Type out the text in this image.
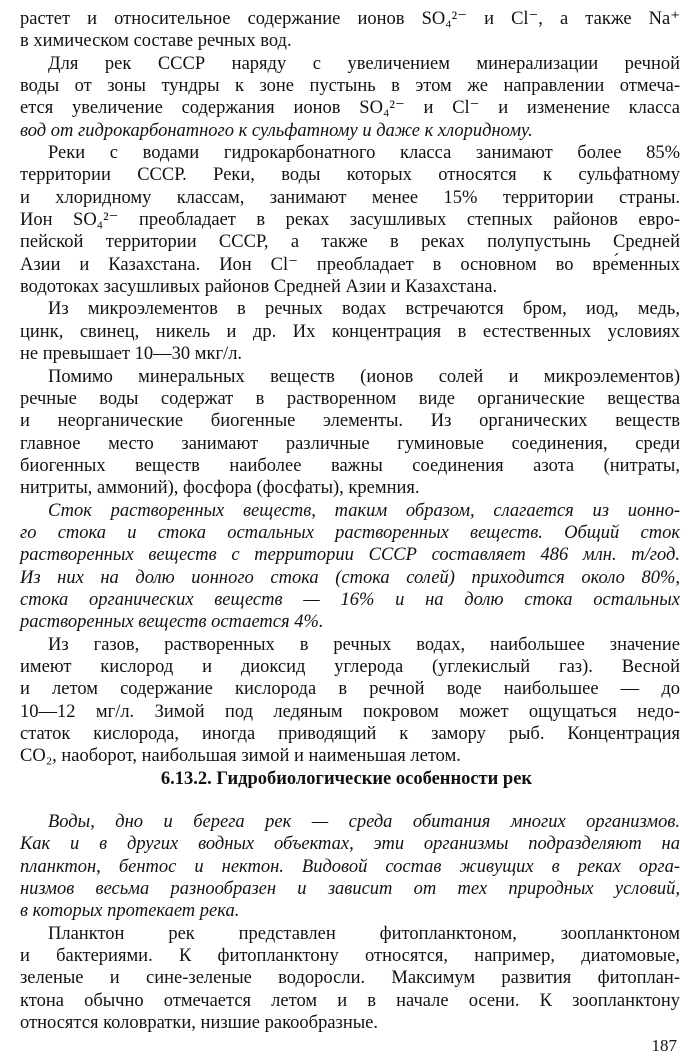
растет и относительное содержание ионов SO₄²⁻ и Cl⁻, а также Na⁺
в химическом составе речных вод.
Для рек СССР наряду с увеличением минерализации речной
воды от зоны тундры к зоне пустынь в этом же направлении отмеча-
ется увеличение содержания ионов SO₄²⁻ и Cl⁻ и изменение класса
вод от гидрокарбонатного к сульфатному и даже к хлоридному.
Реки с водами гидрокарбонатного класса занимают более 85%
территории СССР. Реки, воды которых относятся к сульфатному
и хлоридному классам, занимают менее 15% территории страны.
Ион SO₄²⁻ преобладает в реках засушливых степных районов евро-
пейской территории СССР, а также в реках полупустынь Средней
Азии и Казахстана. Ион Cl⁻ преобладает в основном во вре́менных
водотоках засушливых районов Средней Азии и Казахстана.
Из микроэлементов в речных водах встречаются бром, иод, медь,
цинк, свинец, никель и др. Их концентрация в естественных условиях
не превышает 10—30 мкг/л.
Помимо минеральных веществ (ионов солей и микроэлементов)
речные воды содержат в растворенном виде органические вещества
и неорганические биогенные элементы. Из органических веществ
главное место занимают различные гуминовые соединения, среди
биогенных веществ наиболее важны соединения азота (нитраты,
нитриты, аммоний), фосфора (фосфаты), кремния.
Сток растворенных веществ, таким образом, слагается из ионно-
го стока и стока остальных растворенных веществ. Общий сток
растворенных веществ с территории СССР составляет 486 млн. т/год.
Из них на долю ионного стока (стока солей) приходится около 80%,
стока органических веществ — 16% и на долю стока остальных
растворенных веществ остается 4%.
Из газов, растворенных в речных водах, наибольшее значение
имеют кислород и диоксид углерода (углекислый газ). Весной
и летом содержание кислорода в речной воде наибольшее — до
10—12 мг/л. Зимой под ледяным покровом может ощущаться недо-
статок кислорода, иногда приводящий к замору рыб. Концентрация
CO₂, наоборот, наибольшая зимой и наименьшая летом.
6.13.2. Гидробиологические особенности рек
Воды, дно и берега рек — среда обитания многих организмов.
Как и в других водных объектах, эти организмы подразделяют на
планктон, бентос и нектон. Видовой состав живущих в реках орга-
низмов весьма разнообразен и зависит от тех природных условий,
в которых протекает река.
Планктон рек представлен фитопланктоном, зоопланктоном
и бактериями. К фитопланктону относятся, например, диатомовые,
зеленые и сине-зеленые водоросли. Максимум развития фитоплан-
ктона обычно отмечается летом и в начале осени. К зоопланктону
относятся коловратки, низшие ракообразные.
187
